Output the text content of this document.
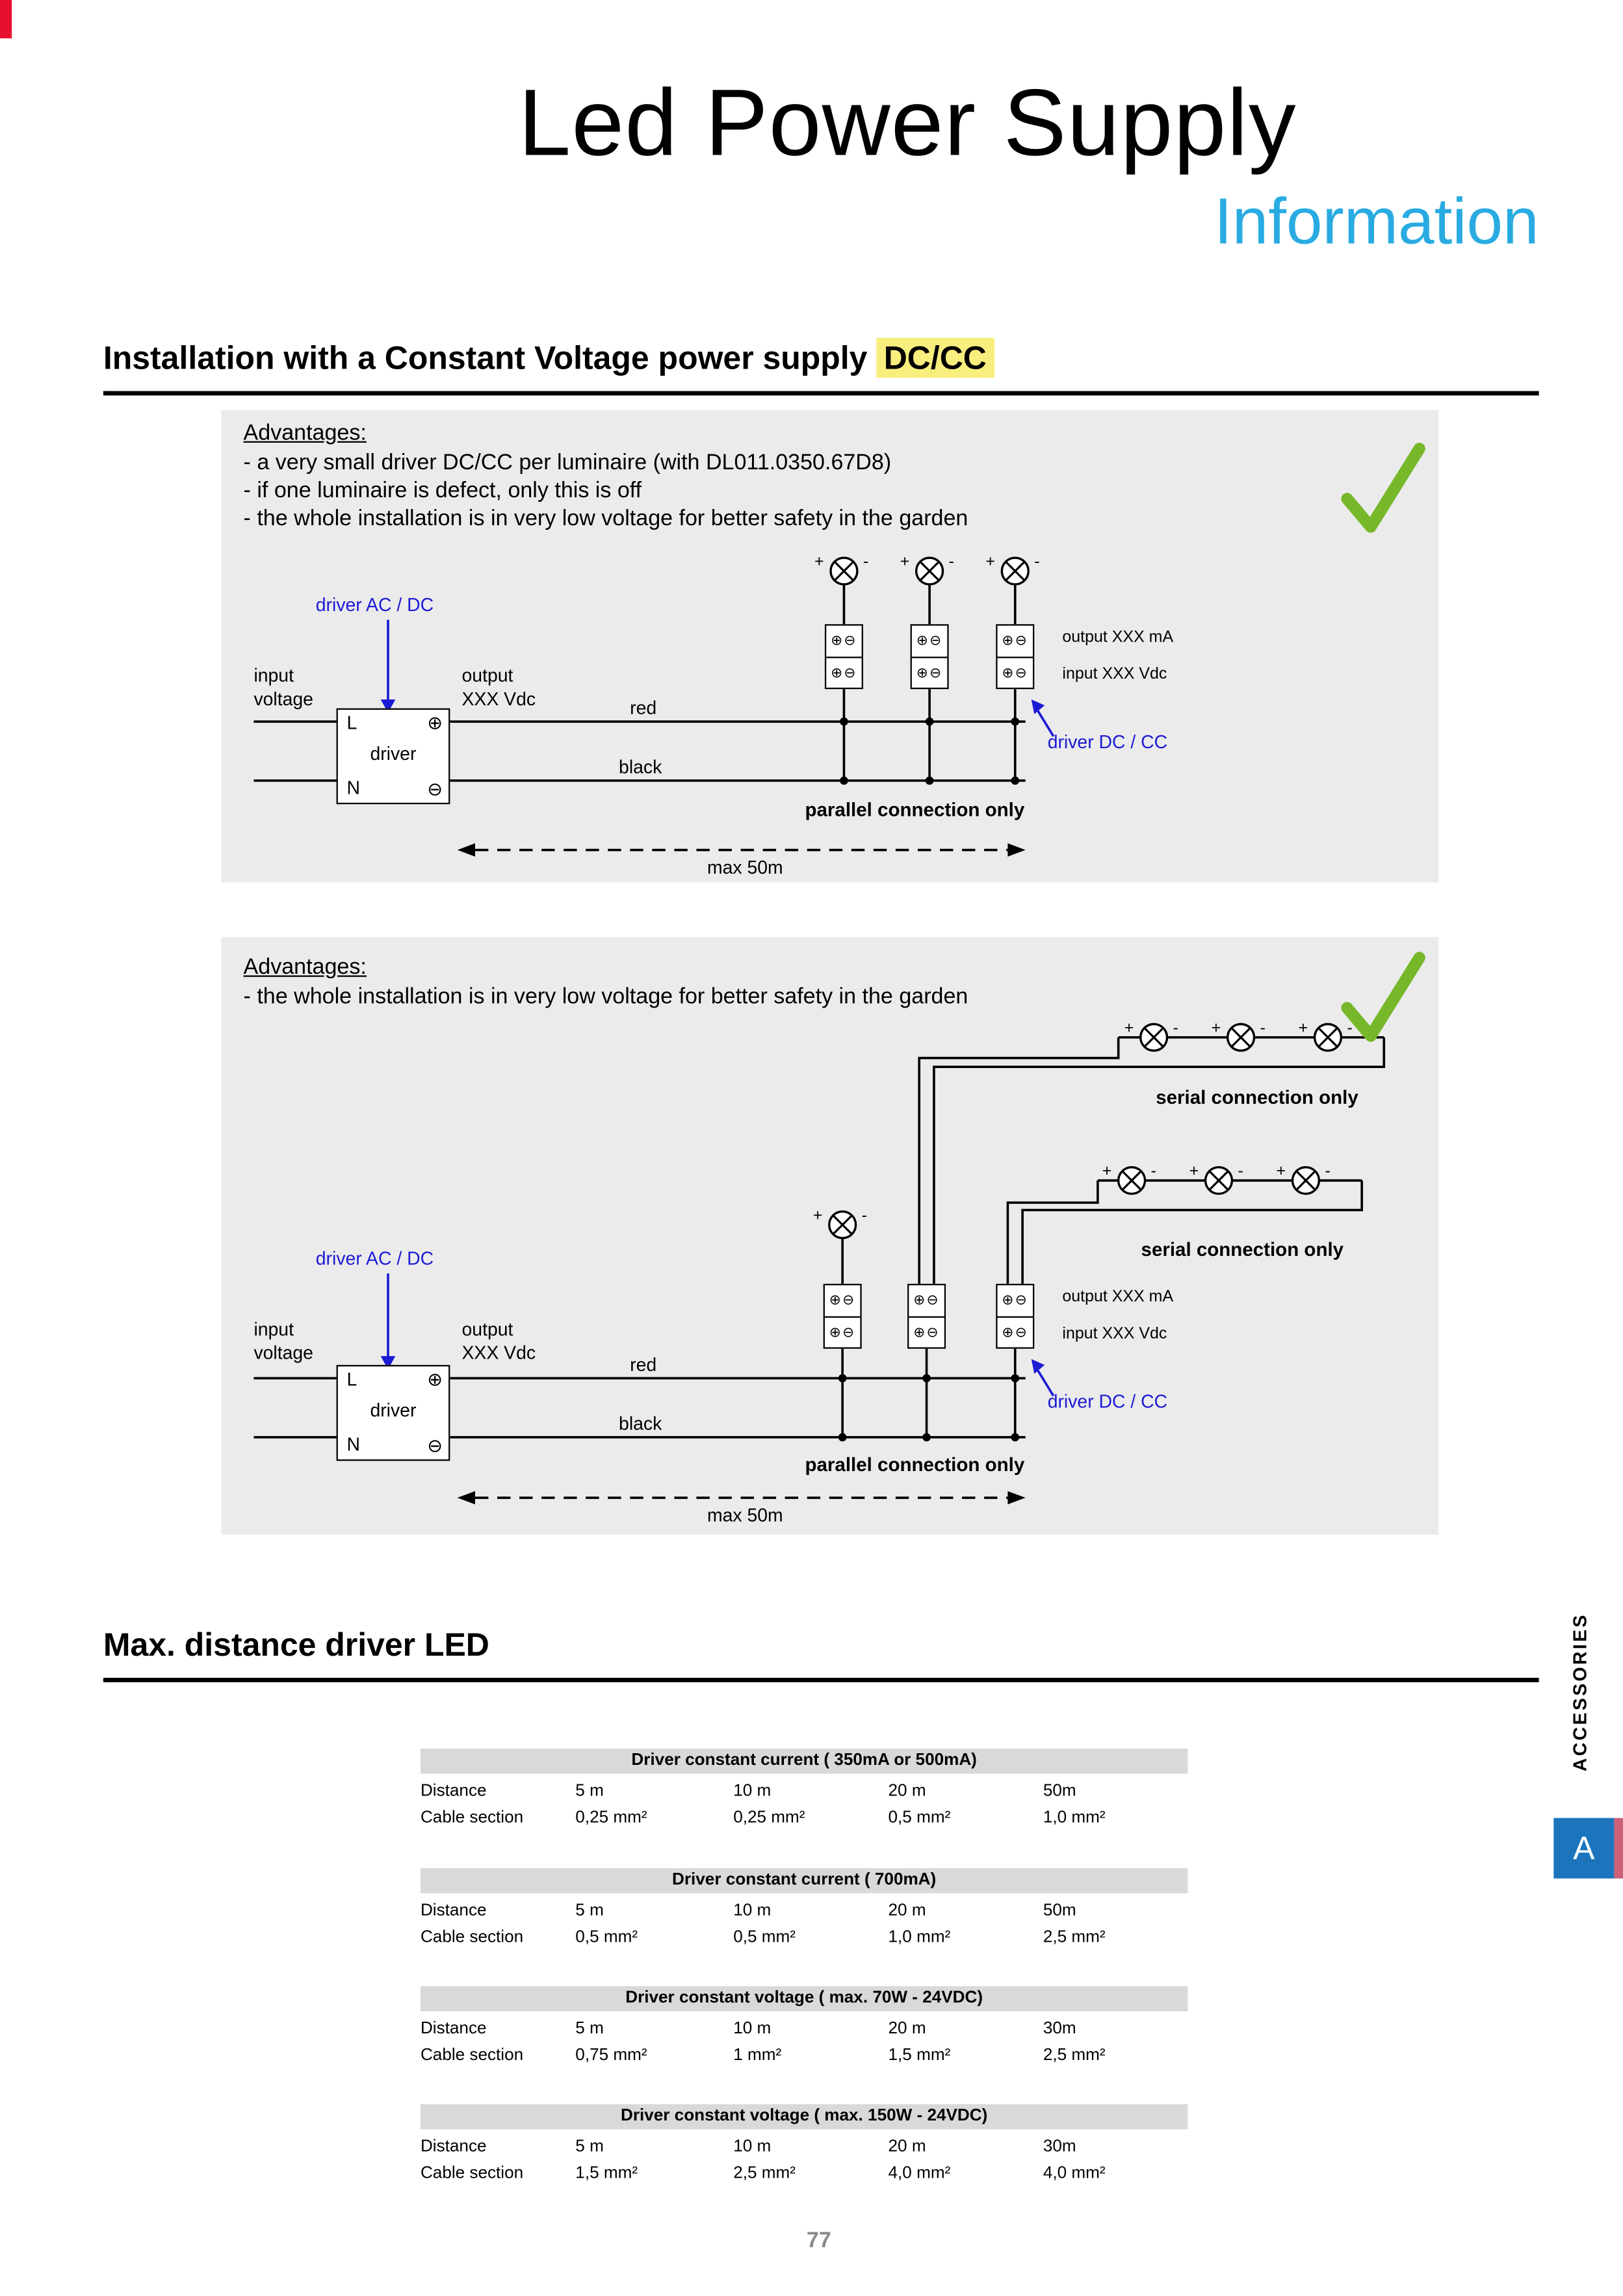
Led Power Supply
Information
Installation with a Constant Voltage power supply DC/CC
+	-	+	-	+	-
Advantages:
- a very small driver DC/CC per luminaire (with DL011.0350.67D8)
- if one luminaire is defect, only this is off
- the whole installation is in very low voltage for better safety in the garden
driver AC / DC
input
voltage
output
XXX Vdc
L	⊕
driver
N	⊖
red
black
⊕⊖
⊕⊖
⊕⊖
⊕⊖
⊕⊖
⊕⊖
output XXX mA
input XXX Vdc
driver DC / CC
parallel connection only
max 50m
+	-	+	-	+	-
+	-	+	-	+	-
+	-
Advantages:
- the whole installation is in very low voltage for better safety in the garden
serial connection only
serial connection only
driver AC / DC
input
voltage
output
XXX Vdc
L	⊕
driver
N	⊖
red
black
⊕⊖
⊕⊖
⊕⊖
⊕⊖
⊕⊖
⊕⊖
output XXX mA
input XXX Vdc
driver DC / CC
parallel connection only
max 50m
Max. distance driver LED
Driver constant current ( 350mA or 500mA)
Distance	5 m	10 m	20 m	50m
Cable section	0,25 mm²	0,25 mm²	0,5 mm²	1,0 mm²
Driver constant current ( 700mA)
Distance	5 m	10 m	20 m	50m
Cable section	0,5 mm²	0,5 mm²	1,0 mm²	2,5 mm²
Driver constant voltage ( max. 70W - 24VDC)
Distance	5 m	10 m	20 m	30m
Cable section	0,75 mm²	1 mm²	1,5 mm²	2,5 mm²
Driver constant voltage ( max. 150W - 24VDC)
Distance	5 m	10 m	20 m	30m
Cable section	1,5 mm²	2,5 mm²	4,0 mm²	4,0 mm²
ACCESSORIES
A
77
